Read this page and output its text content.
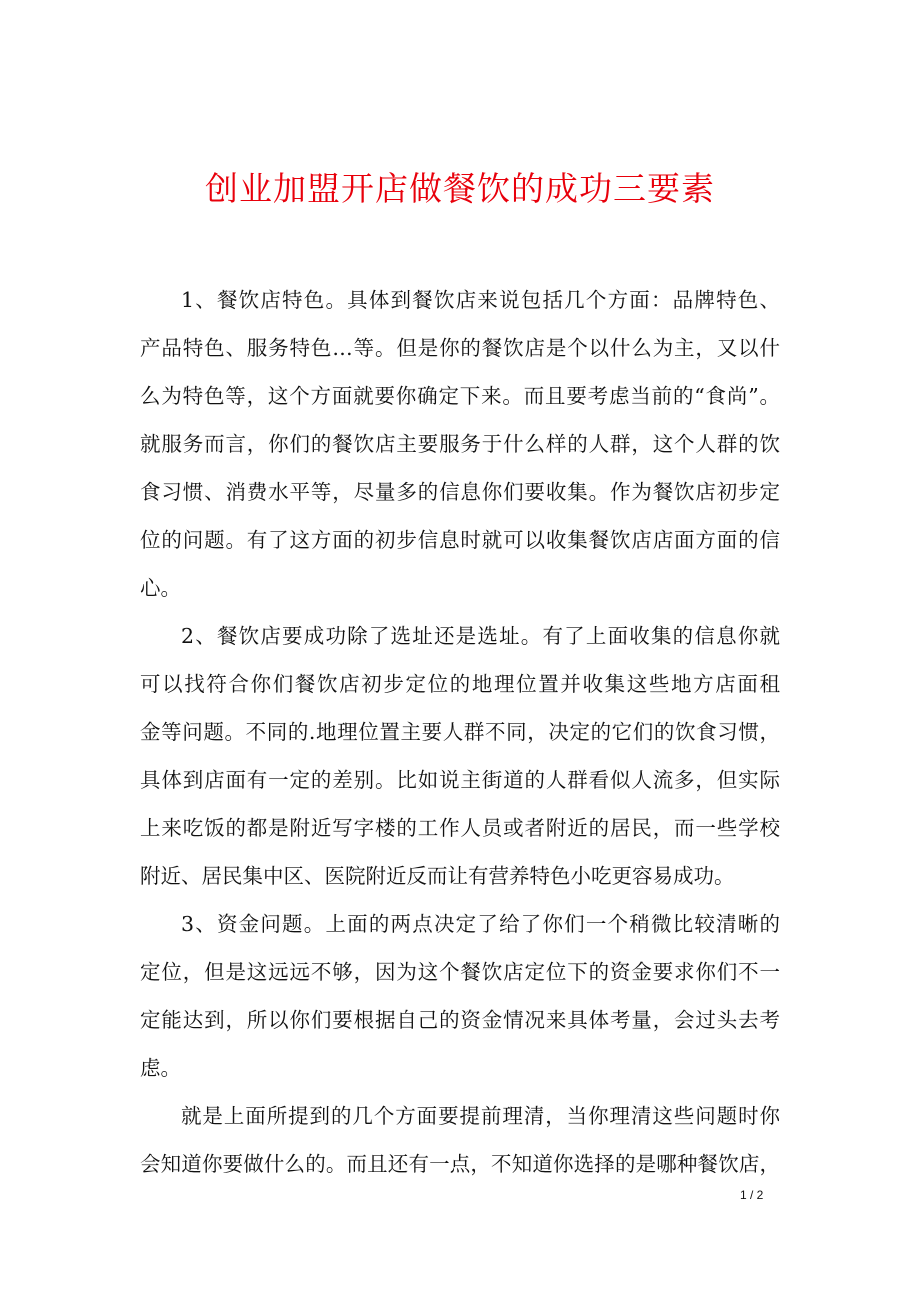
创业加盟开店做餐饮的成功三要素
1、餐饮店特色。具体到餐饮店来说包括几个方面：品牌特色、
产品特色、服务特色…等。但是你的餐饮店是个以什么为主，又以什
么为特色等，这个方面就要你确定下来。而且要考虑当前的“食尚”。
就服务而言，你们的餐饮店主要服务于什么样的人群，这个人群的饮
食习惯、消费水平等，尽量多的信息你们要收集。作为餐饮店初步定
位的问题。有了这方面的初步信息时就可以收集餐饮店店面方面的信
心。
2、餐饮店要成功除了选址还是选址。有了上面收集的信息你就
可以找符合你们餐饮店初步定位的地理位置并收集这些地方店面租
金等问题。不同的.地理位置主要人群不同，决定的它们的饮食习惯，
具体到店面有一定的差别。比如说主街道的人群看似人流多，但实际
上来吃饭的都是附近写字楼的工作人员或者附近的居民，而一些学校
附近、居民集中区、医院附近反而让有营养特色小吃更容易成功。
3、资金问题。上面的两点决定了给了你们一个稍微比较清晰的
定位，但是这远远不够，因为这个餐饮店定位下的资金要求你们不一
定能达到，所以你们要根据自己的资金情况来具体考量，会过头去考
虑。
就是上面所提到的几个方面要提前理清，当你理清这些问题时你
会知道你要做什么的。而且还有一点，不知道你选择的是哪种餐饮店，
1 / 2
